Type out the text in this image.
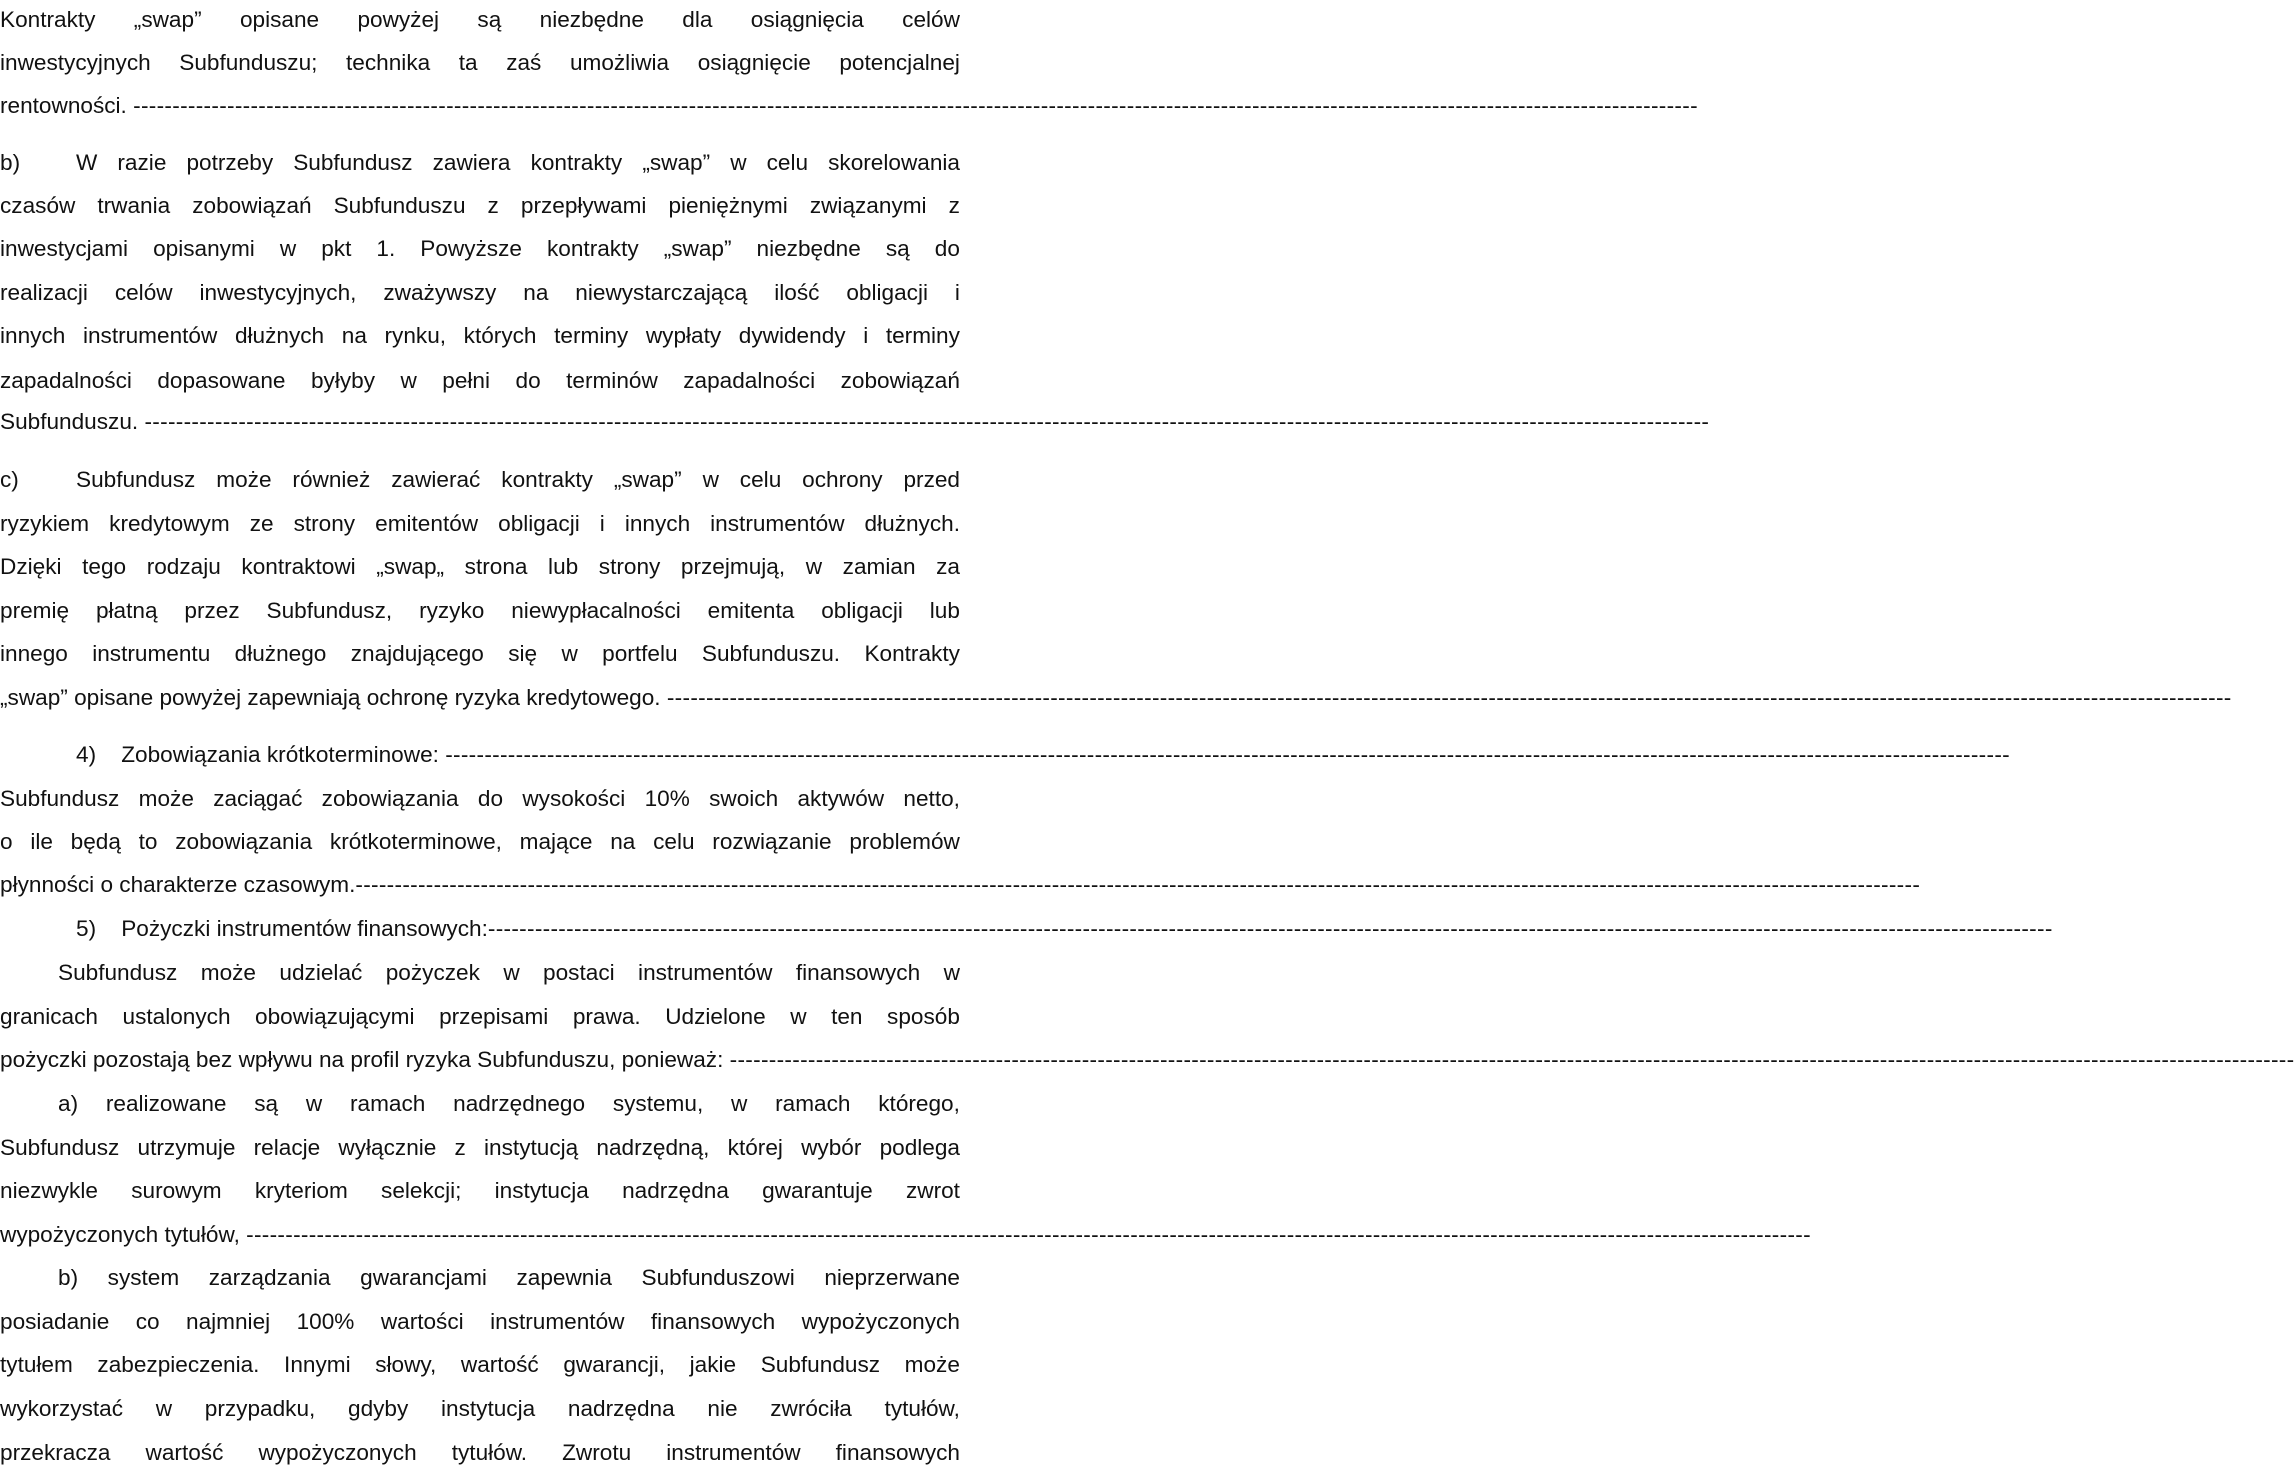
Kontrakty „swap” opisane powyżej są niezbędne dla osiągnięcia celów
inwestycyjnych Subfunduszu; technika ta zaś umożliwia osiągnięcie potencjalnej
rentowności. --------------------------------------------------------------------------------------------------------------------------------------------------------------------------------------------------------
b)	W razie potrzeby Subfundusz zawiera kontrakty „swap” w celu skorelowania
czasów trwania zobowiązań Subfunduszu z przepływami pieniężnymi związanymi z
inwestycjami opisanymi w pkt 1. Powyższe kontrakty „swap” niezbędne są do
realizacji celów inwestycyjnych, zważywszy na niewystarczającą ilość obligacji i
innych instrumentów dłużnych na rynku, których terminy wypłaty dywidendy i terminy
zapadalności dopasowane byłyby w pełni do terminów zapadalności zobowiązań
Subfunduszu. --------------------------------------------------------------------------------------------------------------------------------------------------------------------------------------------------------
c)	Subfundusz może również zawierać kontrakty „swap” w celu ochrony przed
ryzykiem kredytowym ze strony emitentów obligacji i innych instrumentów dłużnych.
Dzięki tego rodzaju kontraktowi „swap„ strona lub strony przejmują, w zamian za
premię płatną przez Subfundusz, ryzyko niewypłacalności emitenta obligacji lub
innego instrumentu dłużnego znajdującego się w portfelu Subfunduszu. Kontrakty
„swap” opisane powyżej zapewniają ochronę ryzyka kredytowego. --------------------------------------------------------------------------------------------------------------------------------------------------------------------------------------------------------
4)    Zobowiązania krótkoterminowe: --------------------------------------------------------------------------------------------------------------------------------------------------------------------------------------------------------
Subfundusz może zaciągać zobowiązania do wysokości 10% swoich aktywów netto,
o ile będą to zobowiązania krótkoterminowe, mające na celu rozwiązanie problemów
płynności o charakterze czasowym. --------------------------------------------------------------------------------------------------------------------------------------------------------------------------------------------------------
5)    Pożyczki instrumentów finansowych: --------------------------------------------------------------------------------------------------------------------------------------------------------------------------------------------------------
Subfundusz może udzielać pożyczek w postaci instrumentów finansowych w
granicach ustalonych obowiązującymi przepisami prawa. Udzielone w ten sposób
pożyczki pozostają bez wpływu na profil ryzyka Subfunduszu, ponieważ: --------------------------------------------------------------------------------------------------------------------------------------------------------------------------------------------------------
a) realizowane są w ramach nadrzędnego systemu, w ramach którego,
Subfundusz utrzymuje relacje wyłącznie z instytucją nadrzędną, której wybór podlega
niezwykle surowym kryteriom selekcji; instytucja nadrzędna gwarantuje zwrot
wypożyczonych tytułów, --------------------------------------------------------------------------------------------------------------------------------------------------------------------------------------------------------
b) system zarządzania gwarancjami zapewnia Subfunduszowi nieprzerwane
posiadanie co najmniej 100% wartości instrumentów finansowych wypożyczonych
tytułem zabezpieczenia. Innymi słowy, wartość gwarancji, jakie Subfundusz może
wykorzystać w przypadku, gdyby instytucja nadrzędna nie zwróciła tytułów,
przekracza wartość wypożyczonych tytułów. Zwrotu instrumentów finansowych
